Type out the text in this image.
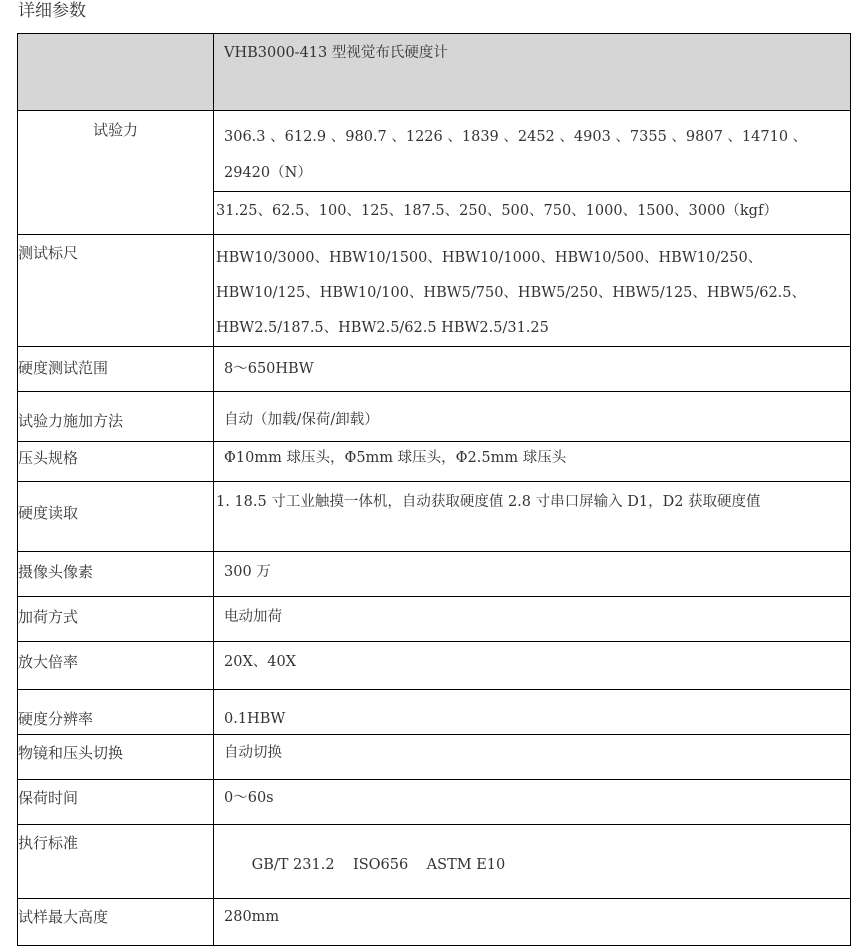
详细参数
	VHB3000-413 型视觉布氏硬度计
试验力	306.3 、612.9 、980.7 、1226 、1839 、2452 、4903 、7355 、9807 、14710 、29420（N）
	31.25、62.5、100、125、187.5、250、500、750、1000、1500、3000（kgf）
测试标尺	HBW10/3000、HBW10/1500、HBW10/1000、HBW10/500、HBW10/250、HBW10/125、HBW10/100、HBW5/750、HBW5/250、HBW5/125、HBW5/62.5、HBW2.5/187.5、HBW2.5/62.5 HBW2.5/31.25
硬度测试范围	8～650HBW
试验力施加方法	自动（加载/保荷/卸载）
压头规格	Φ10mm 球压头，Φ5mm 球压头，Φ2.5mm 球压头
硬度读取	1. 18.5 寸工业触摸一体机，自动获取硬度值 2.8 寸串口屏输入 D1，D2 获取硬度值
摄像头像素	300 万
加荷方式	电动加荷
放大倍率	20X、40X
硬度分辨率	0.1HBW
物镜和压头切换	自动切换
保荷时间	0～60s
执行标准	GB/T 231.2    ISO656    ASTM E10

试样最大高度	280mm
